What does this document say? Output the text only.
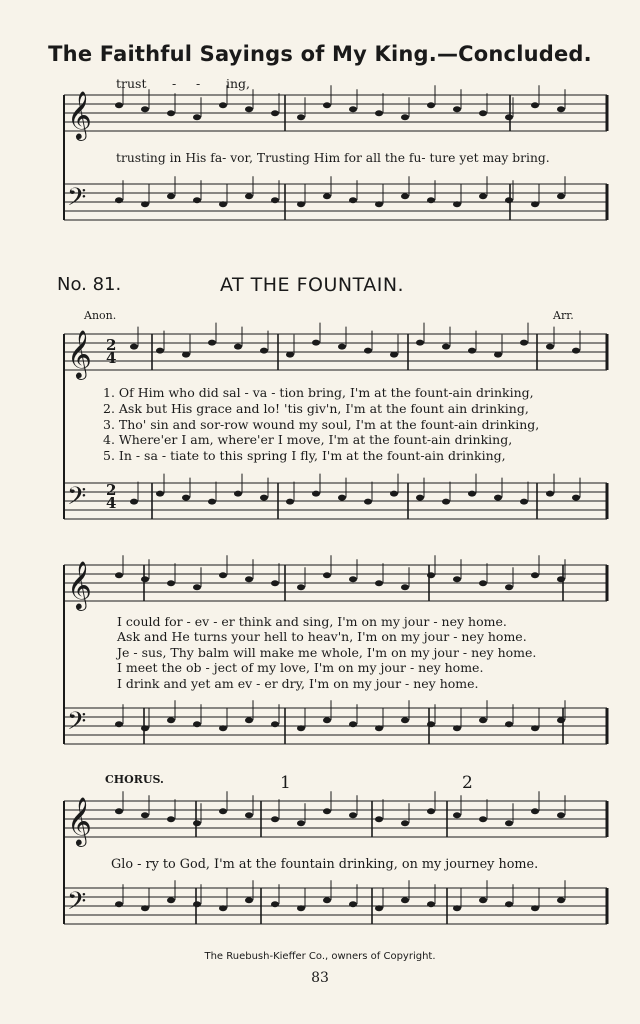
𝄞
𝄢
𝄞
𝄢
𝄞
𝄢
𝄞
𝄢
The Faithful Sayings of My King.—Concluded.
trust - - ing,
trusting in His fa- vor, Trusting Him for all the fu- ture yet may bring.
No. 81.	AT THE FOUNTAIN.
Anon.	Arr.
1. Of Him who did sal - va - tion bring, I'm at the fount-ain drinking,
2. Ask but His grace and lo! 'tis giv'n, I'm at the fount ain drinking,
3. Tho' sin and sor-row wound my soul, I'm at the fount-ain drinking,
4. Where'er I am, where'er I move, I'm at the fount-ain drinking,
5. In - sa - tiate to this spring I fly, I'm at the fount-ain drinking,
I could for - ev - er think and sing, I'm on my jour - ney home.
Ask and He turns your hell to heav'n, I'm on my jour - ney home.
Je - sus, Thy balm will make me whole, I'm on my jour - ney home.
I meet the ob - ject of my love, I'm on my jour - ney home.
I drink and yet am ev - er dry, I'm on my jour - ney home.
CHORUS.	1	2
Glo - ry to God, I'm at the fountain drinking, on my journey home.
The Ruebush-Kieffer Co., owners of Copyright.
83
2
4
2
4
